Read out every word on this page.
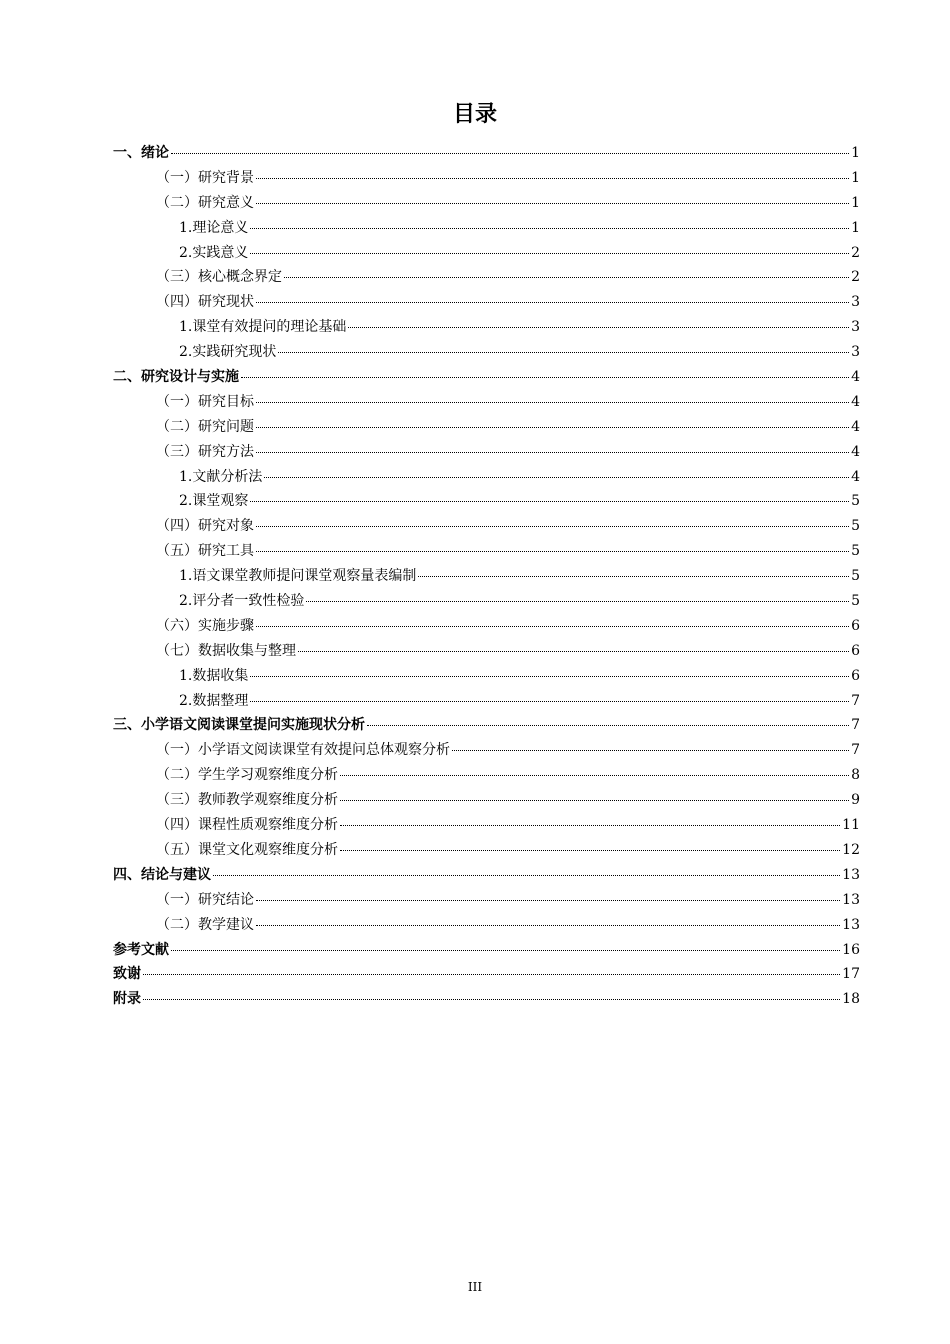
目录
一、绪论	1
（一）研究背景	1
（二）研究意义	1
1.理论意义	1
2.实践意义	2
（三）核心概念界定	2
（四）研究现状	3
1.课堂有效提问的理论基础	3
2.实践研究现状	3
二、研究设计与实施	4
（一）研究目标	4
（二）研究问题	4
（三）研究方法	4
1.文献分析法	4
2.课堂观察	5
（四）研究对象	5
（五）研究工具	5
1.语文课堂教师提问课堂观察量表编制	5
2.评分者一致性检验	5
（六）实施步骤	6
（七）数据收集与整理	6
1.数据收集	6
2.数据整理	7
三、小学语文阅读课堂提问实施现状分析	7
（一）小学语文阅读课堂有效提问总体观察分析	7
（二）学生学习观察维度分析	8
（三）教师教学观察维度分析	9
（四）课程性质观察维度分析	11
（五）课堂文化观察维度分析	12
四、结论与建议	13
（一）研究结论	13
（二）教学建议	13
参考文献	16
致谢	17
附录	18
III
